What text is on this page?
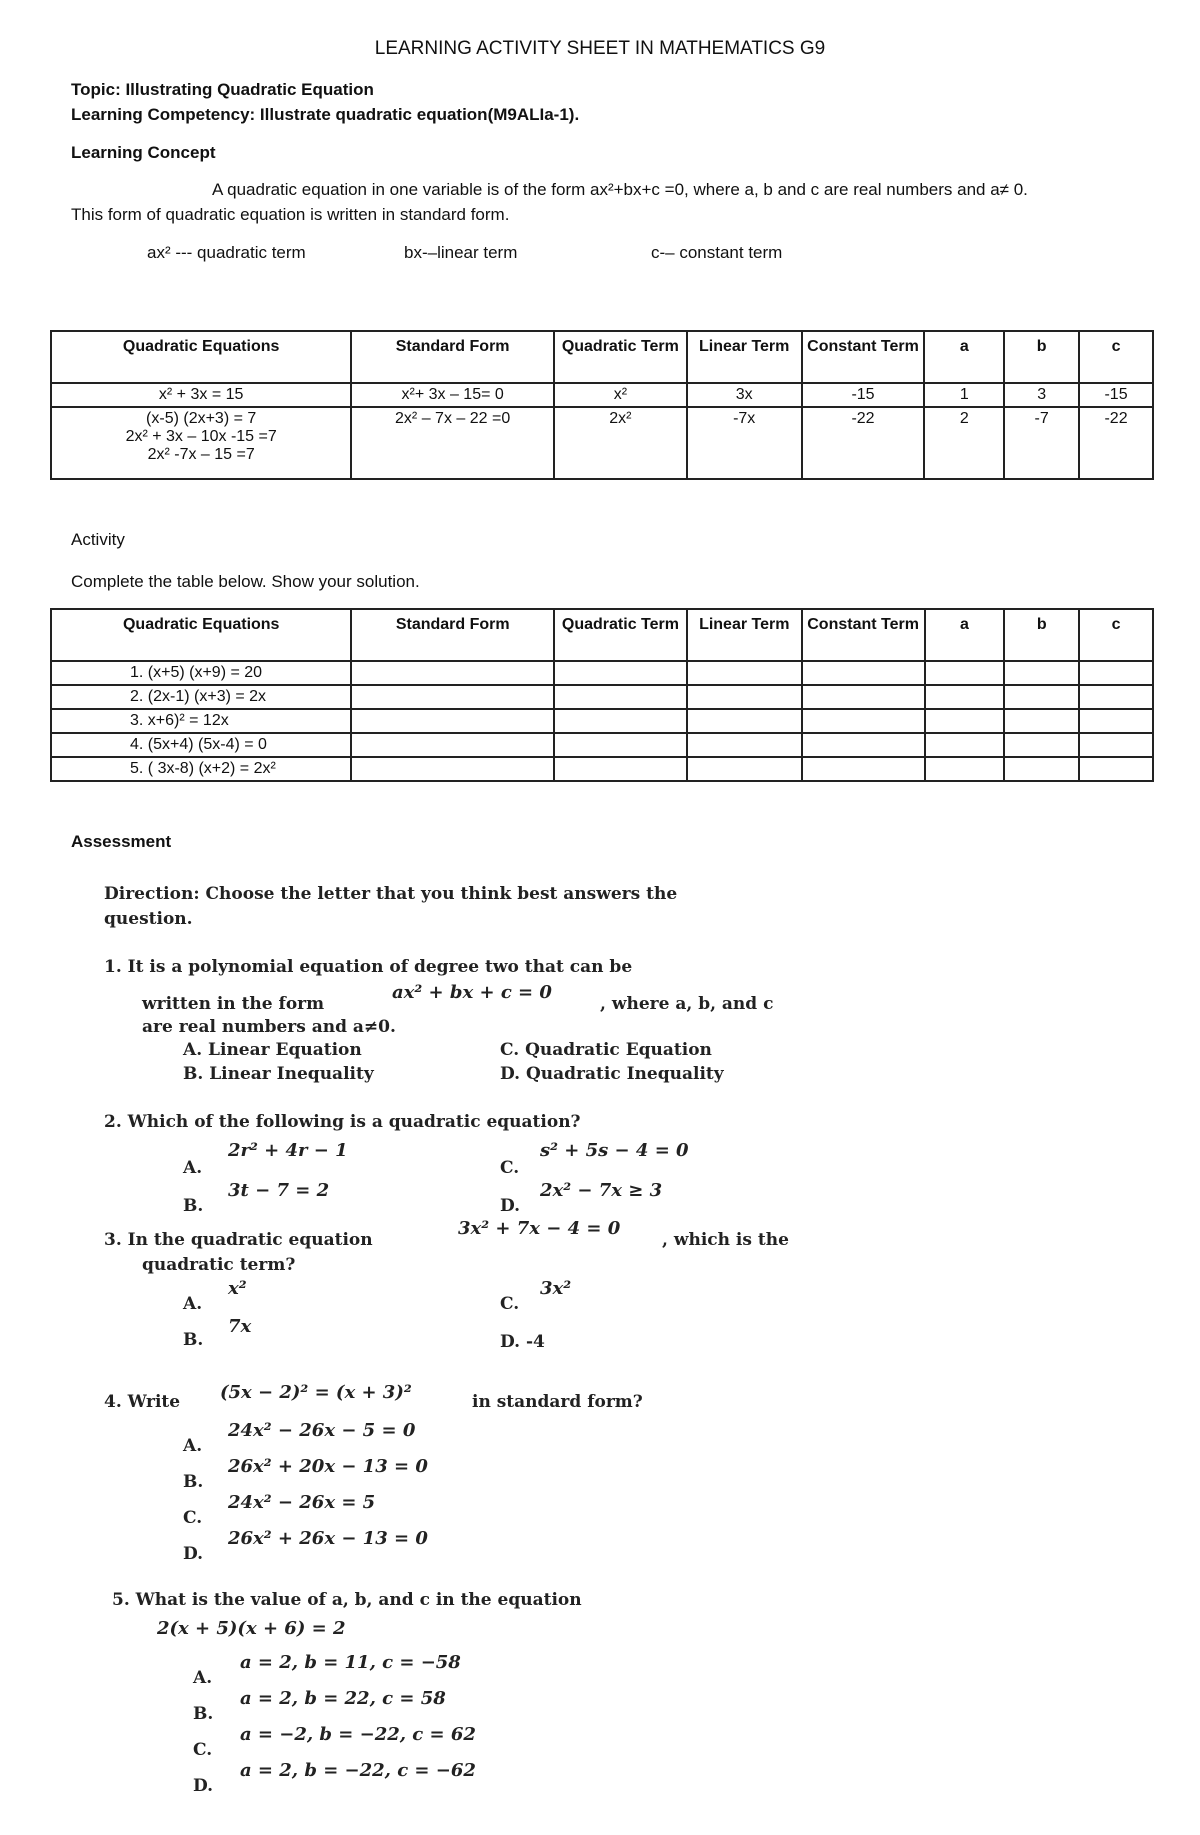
LEARNING ACTIVITY SHEET IN MATHEMATICS G9
Topic: Illustrating Quadratic Equation
Learning Competency: Illustrate quadratic equation(M9ALIa-1).
Learning Concept
A quadratic equation in one variable is of the form ax²+bx+c =0, where a, b and c are real numbers and a≠ 0.
This form of quadratic equation is written in standard form.
ax² --- quadratic term	bx-–linear term	c-– constant term
Quadratic Equations	Standard Form	Quadratic Term	Linear Term	Constant Term	a	b	c
x² + 3x = 15	x²+ 3x – 15= 0	x²	3x	-15	1	3	-15

(x-5) (2x+3) = 7
2x² + 3x – 10x -15 =7
2x² -7x – 15 =7	2x² – 7x – 22 =0	2x²	-7x	-22	2	-7	-22
Activity
Complete the table below. Show your solution.
Quadratic Equations	Standard Form	Quadratic Term	Linear Term	Constant Term	a	b	c
1. (x+5) (x+9) = 20							
2. (2x-1) (x+3) = 2x							
3. x+6)² = 12x							
4. (5x+4) (5x-4) = 0							
5. ( 3x-8) (x+2) = 2x²							
Assessment
Direction: Choose the letter that you think best answers the
question.
1. It is a polynomial equation of degree two that can be
written in the form
ax² + bx + c = 0
, where a, b, and c
are real numbers and a≠0.
A. Linear Equation	C. Quadratic Equation
B. Linear Inequality	D. Quadratic Inequality
2. Which of the following is a quadratic equation?
A.
2r² + 4r − 1
C.
s² + 5s − 4 = 0
B.
3t − 7 = 2
D.
2x² − 7x ≥ 3
3. In the quadratic equation
3x² + 7x − 4 = 0
, which is the
quadratic term?
A.
x²
C.
3x²
B.
7x
D. -4
4. Write (5x − 2)² = (x + 3)²	in standard form?
A.
24x² − 26x − 5 = 0
B.
26x² + 20x − 13 = 0
C.
24x² − 26x = 5
D.
26x² + 26x − 13 = 0
5. What is the value of a, b, and c in the equation
2(x + 5)(x + 6) = 2
A.
a = 2, b = 11, c = −58
B.
a = 2, b = 22, c = 58
C.
a = −2, b = −22, c = 62
D.
a = 2, b = −22, c = −62
